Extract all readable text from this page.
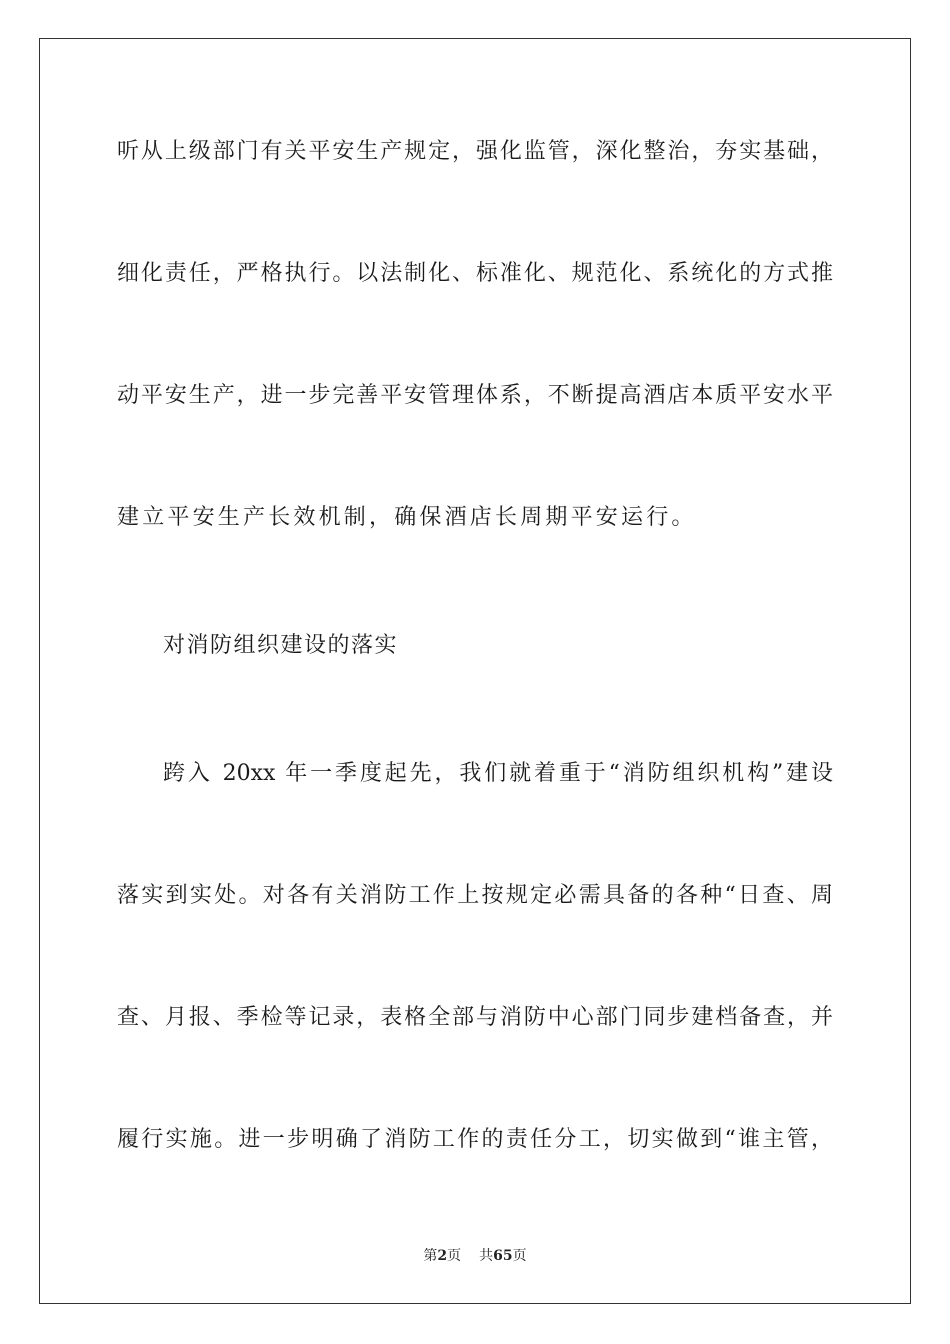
听从上级部门有关平安生产规定，强化监管，深化整治，夯实基础，
细化责任，严格执行。以法制化、标准化、规范化、系统化的方式推
动平安生产，进一步完善平安管理体系，不断提高酒店本质平安水平
建立平安生产长效机制，确保酒店长周期平安运行。
对消防组织建设的落实
跨入 20xx 年一季度起先，我们就着重于“消防组织机构”建设
落实到实处。对各有关消防工作上按规定必需具备的各种“日查、周
查、月报、季检等记录，表格全部与消防中心部门同步建档备查，并
履行实施。进一步明确了消防工作的责任分工，切实做到“谁主管，
第2页 共65页
